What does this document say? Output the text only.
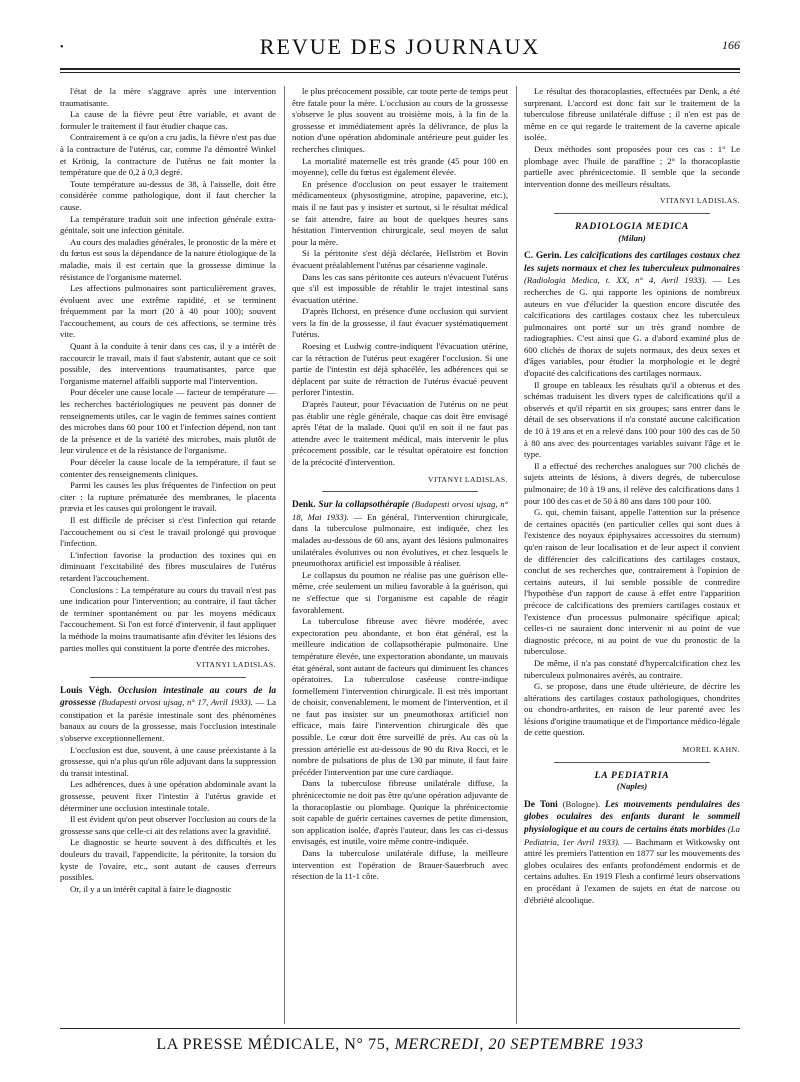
•	REVUE DES JOURNAUX	166

l'état de la mère s'aggrave après une intervention traumatisante.

La cause de la fièvre peut être variable, et avant de formuler le traitement il faut étudier chaque cas.

Contrairement à ce qu'on a cru jadis, la fièvre n'est pas due à la contracture de l'utérus, car, comme l'a démontré Winkel et Krönig, la contracture de l'utérus ne fait monter la température que de 0,2 à 0,3 degré.

Toute température au-dessus de 38, à l'aisselle, doit être considérée comme pathologique, dont il faut chercher la cause.

La température traduit soit une infection générale extra-génitale, soit une infection génitale.

Au cours des maladies générales, le pronostic de la mère et du fœtus est sous la dépendance de la nature étiologique de la maladie, mais il est certain que la grossesse diminue la résistance de l'organisme maternel.

Les affections pulmonaires sont particulièrement graves, évoluent avec une extrême rapidité, et se terminent fréquemment par la mort (20 à 40 pour 100); souvent l'accouchement, au cours de ces affections, se termine très vite.

Quant à la conduite à tenir dans ces cas, il y a intérêt de raccourcir le travail, mais il faut s'abstenir, autant que ce soit possible, des interventions traumatisantes, parce que l'organisme maternel affaibli supporte mal l'intervention.

Pour déceler une cause locale — facteur de température — les recherches bactériologiques ne peuvent pas donner de renseignements utiles, car le vagin de femmes saines contient des microbes dans 60 pour 100 et l'infection dépend, non tant de la présence et de la variété des microbes, mais plutôt de leur virulence et de la résistance de l'organisme.

Pour déceler la cause locale de la température, il faut se contenter des renseignements cliniques.

Parmi les causes les plus fréquentes de l'infection on peut citer : la rupture prématurée des membranes, le placenta prævia et les causes qui prolongent le travail.

Il est difficile de préciser si c'est l'infection qui retarde l'accouchement ou si c'est le travail prolongé qui provoque l'infection.

L'infection favorise la production des toxines qui en diminuant l'excitabilité des fibres musculaires de l'utérus retardent l'accouchement.

Conclusions : La température au cours du travail n'est pas une indication pour l'intervention; au contraire, il faut tâcher de terminer spontanément ou par les moyens médicaux l'accouchement. Si l'on est forcé d'intervenir, il faut appliquer la méthode la moins traumatisante afin d'éviter les lésions des parties molles qui constituent la porte d'entrée des microbes.

VITANYI LADISLAS.

Louis Végh. Occlusion intestinale au cours de la grossesse (Budapesti orvosi ujsag, n° 17, Avril 1933). — La constipation et la parésie intestinale sont des phénomènes banaux au cours de la grossesse, mais l'occlusion intestinale s'observe exceptionnellement.

L'occlusion est due, souvent, à une cause préexistante à la grossesse, qui n'a plus qu'un rôle adjuvant dans la suppression du transit intestinal.

Les adhérences, dues à une opération abdominale avant la grossesse, peuvent fixer l'intestin à l'utérus gravide et déterminer une occlusion intestinale totale.

Il est évident qu'on peut observer l'occlusion au cours de la grossesse sans que celle-ci ait des relations avec la gravidité.

Le diagnostic se heurte souvent à des difficultés et les douleurs du travail, l'appendicite, la péritonite, la torsion du kyste de l'ovaire, etc., sont autant de causes d'erreurs possibles.

Or, il y a un intérêt capital à faire le diagnostic

le plus précocement possible, car toute perte de temps peut être fatale pour la mère. L'occlusion au cours de la grossesse s'observe le plus souvent au troisième mois, à la fin de la grossesse et immédiatement après la délivrance, de plus la notion d'une opération abdominale antérieure peut guider les recherches cliniques.

La mortalité maternelle est très grande (45 pour 100 en moyenne), celle du fœtus est également élevée.

En présence d'occlusion on peut essayer le traitement médicamenteux (physostigmine, atropine, papaverine, etc.), mais il ne faut pas y insister et surtout, si le résultat médical se fait attendre, faire au bout de quelques heures sans hésitation l'intervention chirurgicale, seul moyen de salut pour la mère.

Si la péritonite s'est déjà déclarée, Hellström et Bovin évacuent préalablement l'utérus par césarienne vaginale.

Dans les cas sans péritonite ces auteurs n'évacuent l'utérus que s'il est impossible de rétablir le trajet intestinal sans évacuation utérine.

D'après Ilchorst, en présence d'une occlusion qui survient vers la fin de la grossesse, il faut évacuer systématiquement l'utérus.

Roesing et Ludwig contre-indiquent l'évacuation utérine, car la rétraction de l'utérus peut exagérer l'occlusion. Si une partie de l'intestin est déjà sphacélée, les adhérences qui se déplacent par suite de rétraction de l'utérus évacué peuvent perforer l'intestin.

D'après l'auteur, pour l'évacuation de l'utérus on ne peut pas établir une règle générale, chaque cas doit être envisagé après l'état de la malade. Quoi qu'il en soit il ne faut pas attendre avec le traitement médical, mais intervenir le plus précocement possible, car le résultat opératoire est fonction de la précocité d'intervention.

VITANYI LADISLAS.

Denk. Sur la collapsothérapie (Budapesti orvosi ujsag, n° 18, Mai 1933). — En général, l'intervention chirurgicale, dans la tuberculose pulmonaire, est indiquée, chez les malades au-dessous de 60 ans, ayant des lésions pulmonaires unilatérales évolutives ou non évolutives, et chez lesquels le pneumothorax artificiel est impossible à réaliser.

Le collapsus du poumon ne réalise pas une guérison elle-même, crée seulement un milieu favorable à la guérison, qui ne s'effectue que si l'organisme est capable de réagir favorablement.

La tuberculose fibreuse avec fièvre modérée, avec expectoration peu abondante, et bon état général, est la meilleure indication de collapsothérapie pulmonaire. Une température élevée, une expectoration abondante, un mauvais état général, sont autant de facteurs qui diminuent les chances opératoires. La tuberculose caséeuse contre-indique formellement l'intervention chirurgicale. Il est très important de choisir, convenablement, le moment de l'intervention, et il ne faut pas insister sur un pneumothorax artificiel non efficace, mais faire l'intervention chirurgicale dès que possible. Le cœur doit être surveillé de près. Au cas où la pression artérielle est au-dessous de 90 du Riva Rocci, et le nombre de pulsations de plus de 130 par minute, il faut faire précéder l'intervention par une cure cardiaque.

Dans la tuberculose fibreuse unilatérale diffuse, la phrénicectomie ne doit pas être qu'une opération adjuvante de la thoracoplastie ou plombage. Quoique la phrénicectomie soit capable de guérir certaines cavernes de petite dimension, son application isolée, d'après l'auteur, dans les cas ci-dessus envisagés, est inutile, voire même contre-indiquée.

Dans la tuberculose unilatérale diffuse, la meilleure intervention est l'opération de Brauer-Sauerbruch avec résection de la 11-1 côte.

Le résultat des thoracoplasties, effectuées par Denk, a été surprenant. L'accord est donc fait sur le traitement de la tuberculose fibreuse unilatérale diffuse ; il n'en est pas de même en ce qui regarde le traitement de la caverne apicale isolée.

Deux méthodes sont proposées pour ces cas : 1° Le plombage avec l'huile de paraffine ; 2° la thoracoplastie partielle avec phrénicectomie. Il semble que la seconde intervention donne des meilleurs résultats.

VITANYI LADISLAS.

RADIOLOGIA MEDICA
(Milan)

C. Gerin. Les calcifications des cartilages costaux chez les sujets normaux et chez les tuberculeux pulmonaires (Radiologia Medica, t. XX, n° 4, Avril 1933). — Les recherches de G. qui rapporte les opinions de nombreux auteurs en vue d'élucider la question encore discutée des calcifications des cartilages costaux chez les tuberculeux pulmonaires ont porté sur un très grand nombre de radiographies. C'est ainsi que G. a d'abord examiné plus de 600 clichés de thorax de sujets normaux, des deux sexes et d'âges variables, pour étudier la morphologie et le degré d'opacité des calcifications des cartilages normaux.

Il groupe en tableaux les résultats qu'il a obtenus et des schémas traduisent les divers types de calcifications qu'il a observés et qu'il répartit en six groupes; sans entrer dans le détail de ses observations il n'a constaté aucune calcification de 10 à 19 ans et en a relevé dans 100 pour 100 des cas de 50 à 80 ans avec des pourcentages variables suivant l'âge et le type.

Il a effectué des recherches analogues sur 700 clichés de sujets atteints de lésions, à divers degrés, de tuberculose pulmonaire; de 10 à 19 ans, il relève des calcifications dans 1 pour 100 des cas et de 50 à 80 ans dans 100 pour 100.

G. qui, chemin faisant, appelle l'attention sur la présence de certaines opacités (en particulier celles qui sont dues à l'existence des noyaux épiphysaires accessoires du sternum) qu'en raison de leur localisation et de leur aspect il convient de différencier des calcifications des cartilages costaux, conclut de ses recherches que, contrairement à l'opinion de certains auteurs, il lui semble possible de contredire l'hypothèse d'un rapport de cause à effet entre l'apparition précoce de calcifications des premiers cartilages costaux et l'existence d'un processus pulmonaire spécifique apical; celles-ci ne sauraient donc intervenir ni au point de vue diagnostic précoce, ni au point de vue du pronostic de la tuberculose.

De même, il n'a pas constaté d'hypercalcification chez les tuberculeux pulmonaires avérés, au contraire.

G. se propose, dans une étude ultérieure, de décrire les altérations des cartilages costaux pathologiques, chondrites ou chondro-arthrites, en raison de leur parenté avec les lésions d'origine traumatique et de l'importance médico-légale de cette question.

MOREL KAHN.

LA PEDIATRIA
(Naples)

De Toni (Bologne). Les mouvements pendulaires des globes oculaires des enfants durant le sommeil physiologique et au cours de certains états morbides (La Pediatria, 1er Avril 1933). — Bachmann et Witkowsky ont attiré les premiers l'attention en 1877 sur les mouvements des globes oculaires des enfants profondément endormis et de certains adultes. En 1919 Flesh a confirmé leurs observations en procédant à l'examen de sujets en état de narcose ou d'ébriété alcoolique.

LA PRESSE MÉDICALE, N° 75, MERCREDI, 20 SEPTEMBRE 1933
